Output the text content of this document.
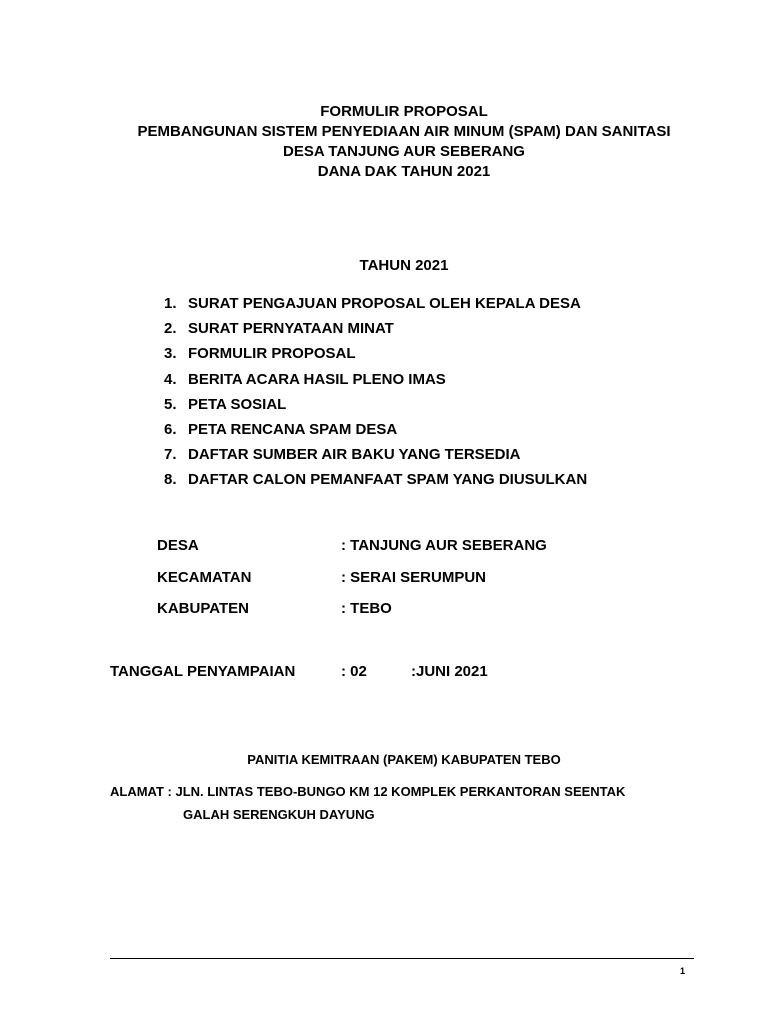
FORMULIR PROPOSAL
PEMBANGUNAN SISTEM PENYEDIAAN AIR MINUM (SPAM) DAN SANITASI
DESA TANJUNG AUR SEBERANG
DANA DAK TAHUN 2021
TAHUN 2021
1. SURAT PENGAJUAN PROPOSAL OLEH KEPALA DESA
2. SURAT PERNYATAAN MINAT
3. FORMULIR PROPOSAL
4. BERITA ACARA HASIL PLENO IMAS
5. PETA SOSIAL
6. PETA RENCANA SPAM DESA
7. DAFTAR SUMBER AIR BAKU YANG TERSEDIA
8. DAFTAR CALON PEMANFAAT SPAM YANG DIUSULKAN
DESA	: TANJUNG AUR SEBERANG
KECAMATAN	: SERAI SERUMPUN
KABUPATEN	: TEBO
TANGGAL PENYAMPAIAN	: 02	:JUNI 2021
PANITIA KEMITRAAN (PAKEM) KABUPATEN TEBO
ALAMAT : JLN. LINTAS TEBO-BUNGO KM 12 KOMPLEK PERKANTORAN SEENTAK
GALAH SERENGKUH DAYUNG
1
